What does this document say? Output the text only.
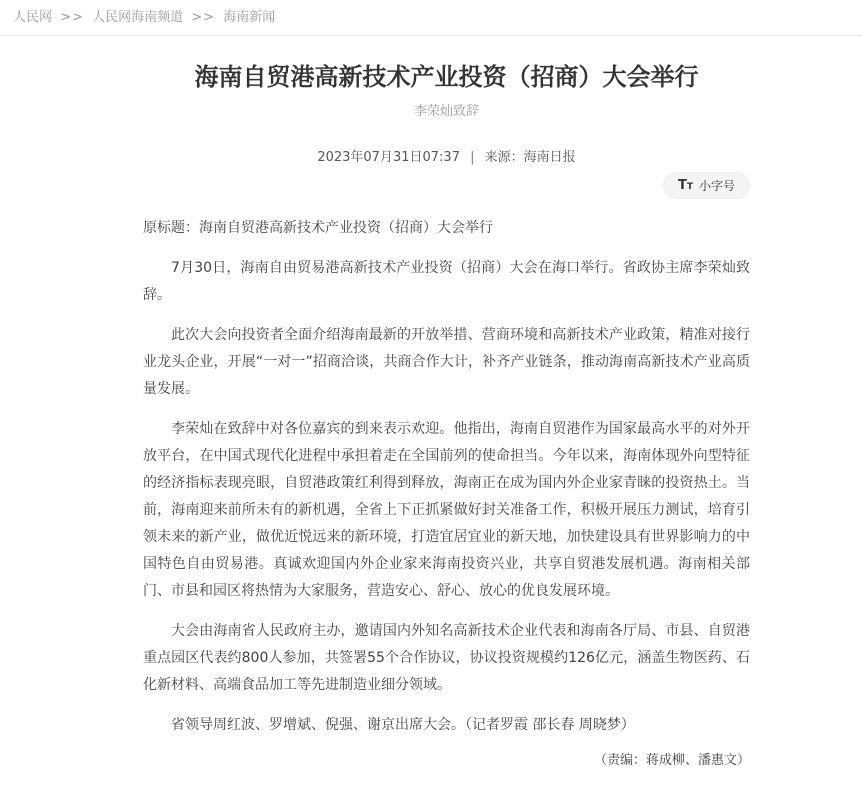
人民网 >> 人民网海南频道 >> 海南新闻
海南自贸港高新技术产业投资（招商）大会举行
李荣灿致辞
2023年07月31日07:37 | 来源：海南日报
TT 小字号

原标题：海南自贸港高新技术产业投资（招商）大会举行

7月30日，海南自由贸易港高新技术产业投资（招商）大会在海口举行。省政协主席李荣灿致辞。

此次大会向投资者全面介绍海南最新的开放举措、营商环境和高新技术产业政策，精准对接行业龙头企业，开展“一对一”招商洽谈，共商合作大计，补齐产业链条，推动海南高新技术产业高质量发展。

李荣灿在致辞中对各位嘉宾的到来表示欢迎。他指出，海南自贸港作为国家最高水平的对外开放平台，在中国式现代化进程中承担着走在全国前列的使命担当。今年以来，海南体现外向型特征的经济指标表现亮眼，自贸港政策红利得到释放，海南正在成为国内外企业家青睐的投资热土。当前，海南迎来前所未有的新机遇，全省上下正抓紧做好封关准备工作，积极开展压力测试，培育引领未来的新产业，做优近悦远来的新环境，打造宜居宜业的新天地，加快建设具有世界影响力的中国特色自由贸易港。真诚欢迎国内外企业家来海南投资兴业，共享自贸港发展机遇。海南相关部门、市县和园区将热情为大家服务，营造安心、舒心、放心的优良发展环境。

大会由海南省人民政府主办，邀请国内外知名高新技术企业代表和海南各厅局、市县、自贸港重点园区代表约800人参加，共签署55个合作协议，协议投资规模约126亿元，涵盖生物医药、石化新材料、高端食品加工等先进制造业细分领域。

省领导周红波、罗增斌、倪强、谢京出席大会。（记者罗霞 邵长春 周晓梦）

（责编：蒋成柳、潘惠文）
